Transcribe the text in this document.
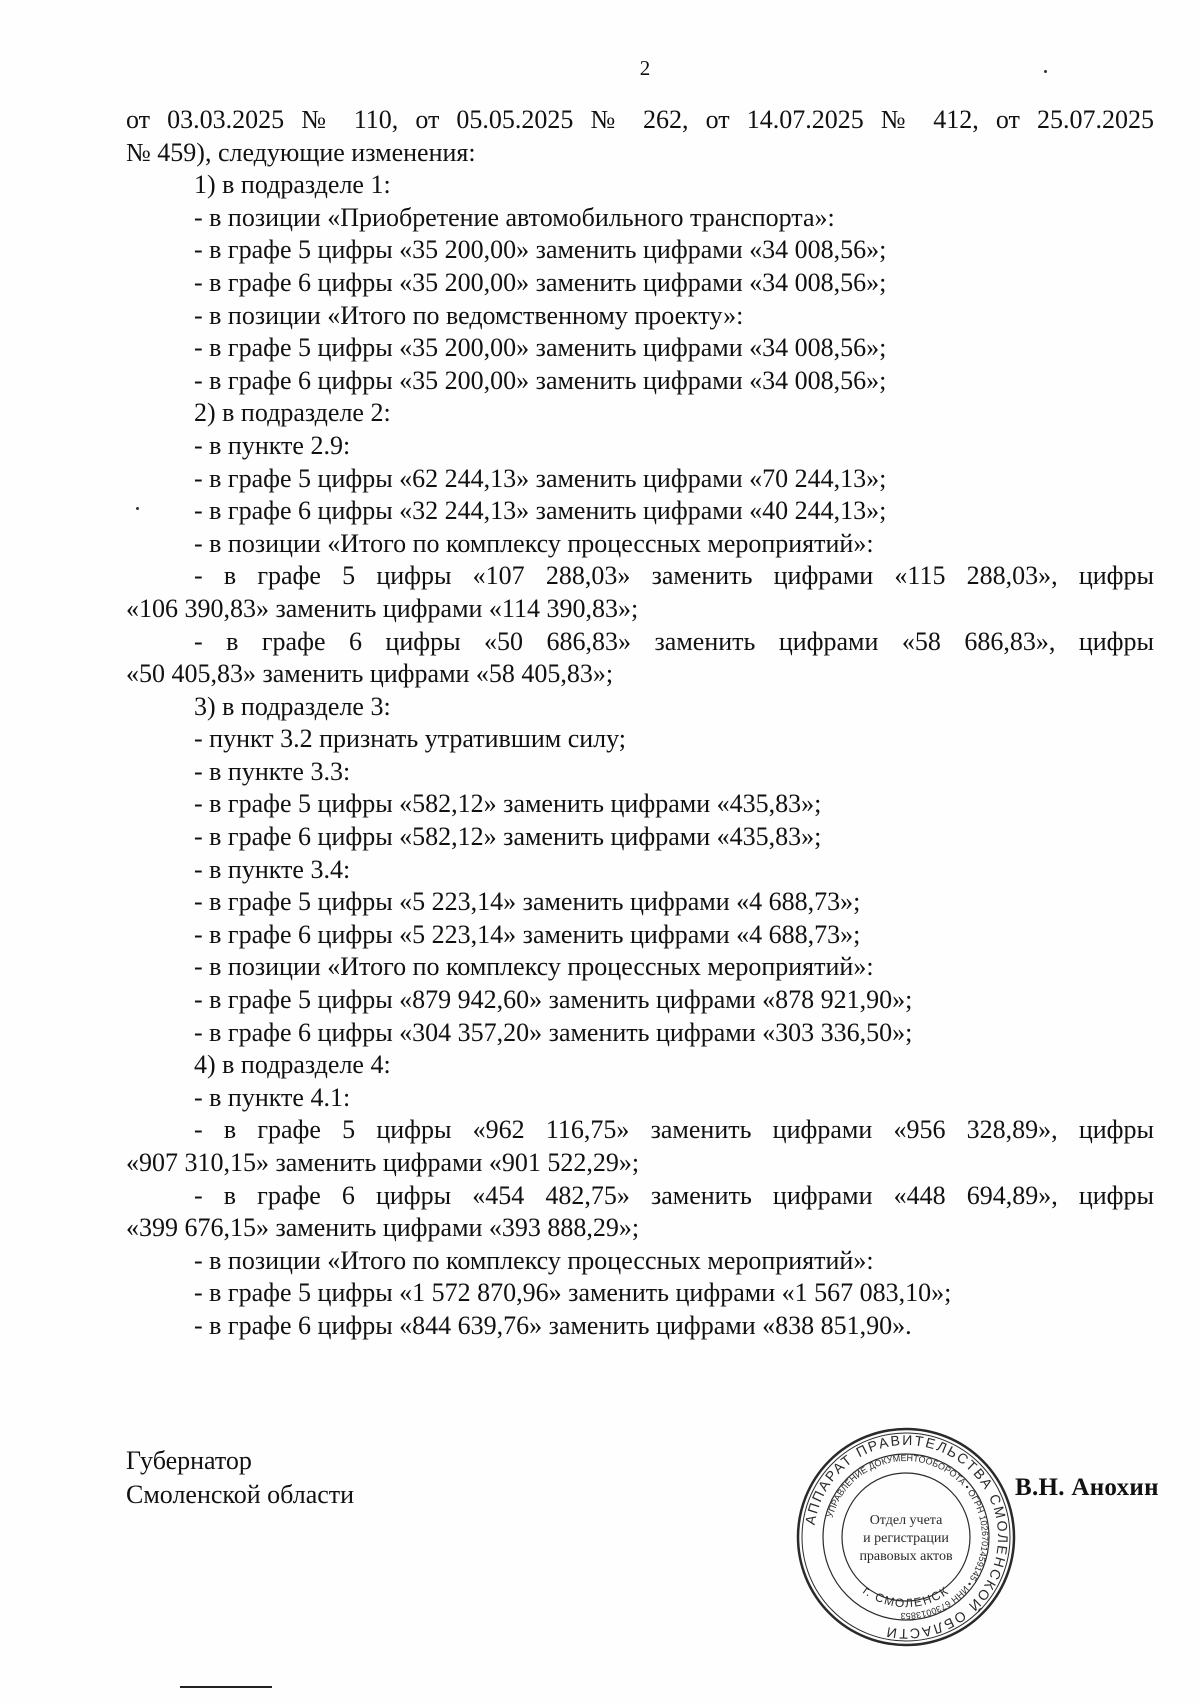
2
от 03.03.2025 № 110, от 05.05.2025 № 262, от 14.07.2025 № 412, от 25.07.2025
№ 459), следующие изменения:
1) в подразделе 1:
- в позиции «Приобретение автомобильного транспорта»:
- в графе 5 цифры «35 200,00» заменить цифрами «34 008,56»;
- в графе 6 цифры «35 200,00» заменить цифрами «34 008,56»;
- в позиции «Итого по ведомственному проекту»:
- в графе 5 цифры «35 200,00» заменить цифрами «34 008,56»;
- в графе 6 цифры «35 200,00» заменить цифрами «34 008,56»;
2) в подразделе 2:
- в пункте 2.9:
- в графе 5 цифры «62 244,13» заменить цифрами «70 244,13»;
- в графе 6 цифры «32 244,13» заменить цифрами «40 244,13»;
- в позиции «Итого по комплексу процессных мероприятий»:
- в графе 5 цифры «107 288,03» заменить цифрами «115 288,03», цифры
«106 390,83» заменить цифрами «114 390,83»;
- в графе 6 цифры «50 686,83» заменить цифрами «58 686,83», цифры
«50 405,83» заменить цифрами «58 405,83»;
3) в подразделе 3:
- пункт 3.2 признать утратившим силу;
- в пункте 3.3:
- в графе 5 цифры «582,12» заменить цифрами «435,83»;
- в графе 6 цифры «582,12» заменить цифрами «435,83»;
- в пункте 3.4:
- в графе 5 цифры «5 223,14» заменить цифрами «4 688,73»;
- в графе 6 цифры «5 223,14» заменить цифрами «4 688,73»;
- в позиции «Итого по комплексу процессных мероприятий»:
- в графе 5 цифры «879 942,60» заменить цифрами «878 921,90»;
- в графе 6 цифры «304 357,20» заменить цифрами «303 336,50»;
4) в подразделе 4:
- в пункте 4.1:
- в графе 5 цифры «962 116,75» заменить цифрами «956 328,89», цифры
«907 310,15» заменить цифрами «901 522,29»;
- в графе 6 цифры «454 482,75» заменить цифрами «448 694,89», цифры
«399 676,15» заменить цифрами «393 888,29»;
- в позиции «Итого по комплексу процессных мероприятий»:
- в графе 5 цифры «1 572 870,96» заменить цифрами «1 567 083,10»;
- в графе 6 цифры «844 639,76» заменить цифрами «838 851,90».
Губернатор
Смоленской области
АППАРАТ ПРАВИТЕЛЬСТВА СМОЛЕНСКОЙ ОБЛАСТИ
УПРАВЛЕНИЕ ДОКУМЕНТООБОРОТА • ОГРН 1026701459145 • ИНН 6730013853
г. СМОЛЕНСК
Отдел учета
и регистрации
правовых актов
В.Н. Анохин
